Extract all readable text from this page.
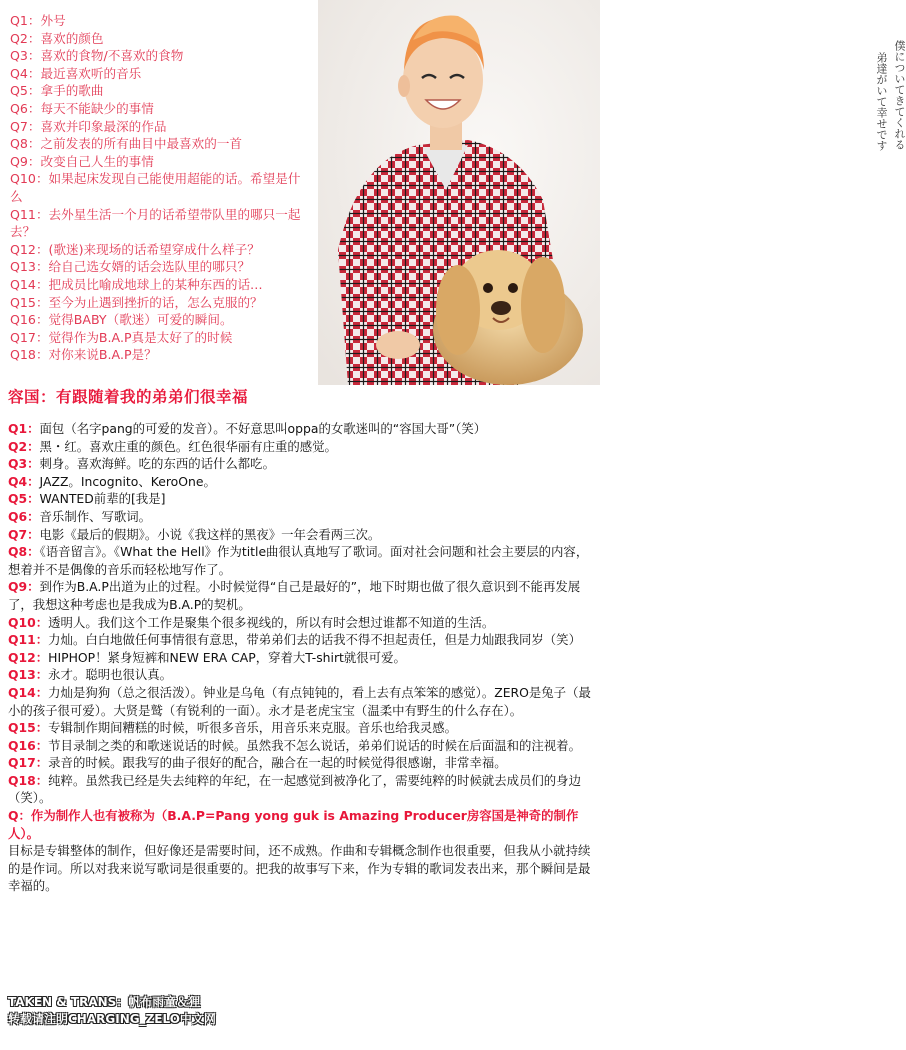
僕についてきてくれる
弟達がいて幸せです
Q1：外号
Q2：喜欢的颜色
Q3：喜欢的食物/不喜欢的食物
Q4：最近喜欢听的音乐
Q5：拿手的歌曲
Q6：每天不能缺少的事情
Q7：喜欢并印象最深的作品
Q8：之前发表的所有曲目中最喜欢的一首
Q9：改变自己人生的事情
Q10：如果起床发现自己能使用超能的话。希望是什么
Q11：去外星生活一个月的话希望带队里的哪只一起去？
Q12：(歌迷)来现场的话希望穿成什么样子？
Q13：给自己选女婿的话会选队里的哪只？
Q14：把成员比喻成地球上的某种东西的话…
Q15：至今为止遇到挫折的话，怎么克服的？
Q16：觉得BABY（歌迷）可爱的瞬间。
Q17：觉得作为B.A.P真是太好了的时候
Q18：对你来说B.A.P是？
容国：有跟随着我的弟弟们很幸福

Q1：面包（名字pang的可爱的发音）。不好意思叫oppa的女歌迷叫的“容国大哥”（笑）

Q2：黑・红。喜欢庄重的颜色。红色很华丽有庄重的感觉。

Q3：刺身。喜欢海鲜。吃的东西的话什么都吃。

Q4：JAZZ。Incognito、KeroOne。

Q5：WANTED前辈的[我是]

Q6：音乐制作、写歌词。

Q7：电影《最后的假期》。小说《我这样的黑夜》一年会看两三次。

Q8：《语音留言》。《What the Hell》作为title曲很认真地写了歌词。面对社会问题和社会主要层的内容，想着并不是偶像的音乐而轻松地写作了。

Q9：到作为B.A.P出道为止的过程。小时候觉得“自己是最好的”，地下时期也做了很久意识到不能再发展了，我想这种考虑也是我成为B.A.P的契机。

Q10：透明人。我们这个工作是聚集个很多视线的，所以有时会想过谁都不知道的生活。

Q11：力灿。白白地做任何事情很有意思，带弟弟们去的话我不得不担起责任，但是力灿跟我同岁（笑）

Q12：HIPHOP！紧身短裤和NEW ERA CAP，穿着大T-shirt就很可爱。

Q13：永才。聪明也很认真。

Q14：力灿是狗狗（总之很活泼）。钟业是乌龟（有点钝钝的，看上去有点笨笨的感觉）。ZERO是兔子（最小的孩子很可爱）。大贤是鹫（有锐利的一面）。永才是老虎宝宝（温柔中有野生的什么存在）。

Q15：专辑制作期间糟糕的时候，听很多音乐，用音乐来克服。音乐也给我灵感。

Q16：节目录制之类的和歌迷说话的时候。虽然我不怎么说话，弟弟们说话的时候在后面温和的注视着。

Q17：录音的时候。跟我写的曲子很好的配合，融合在一起的时候觉得很感谢，非常幸福。

Q18：纯粹。虽然我已经是失去纯粹的年纪，在一起感觉到被净化了，需要纯粹的时候就去成员们的身边（笑）。

Q：作为制作人也有被称为（B.A.P=Pang yong guk is Amazing Producer房容国是神奇的制作人）。

目标是专辑整体的制作，但好像还是需要时间，还不成熟。作曲和专辑概念制作也很重要，但我从小就持续的是作词。所以对我来说写歌词是很重要的。把我的故事写下来，作为专辑的歌词发表出来，那个瞬间是最幸福的。

TAKEN & TRANS：帆布雨童＆狸
转载请注明CHARGING_ZELO中文网
